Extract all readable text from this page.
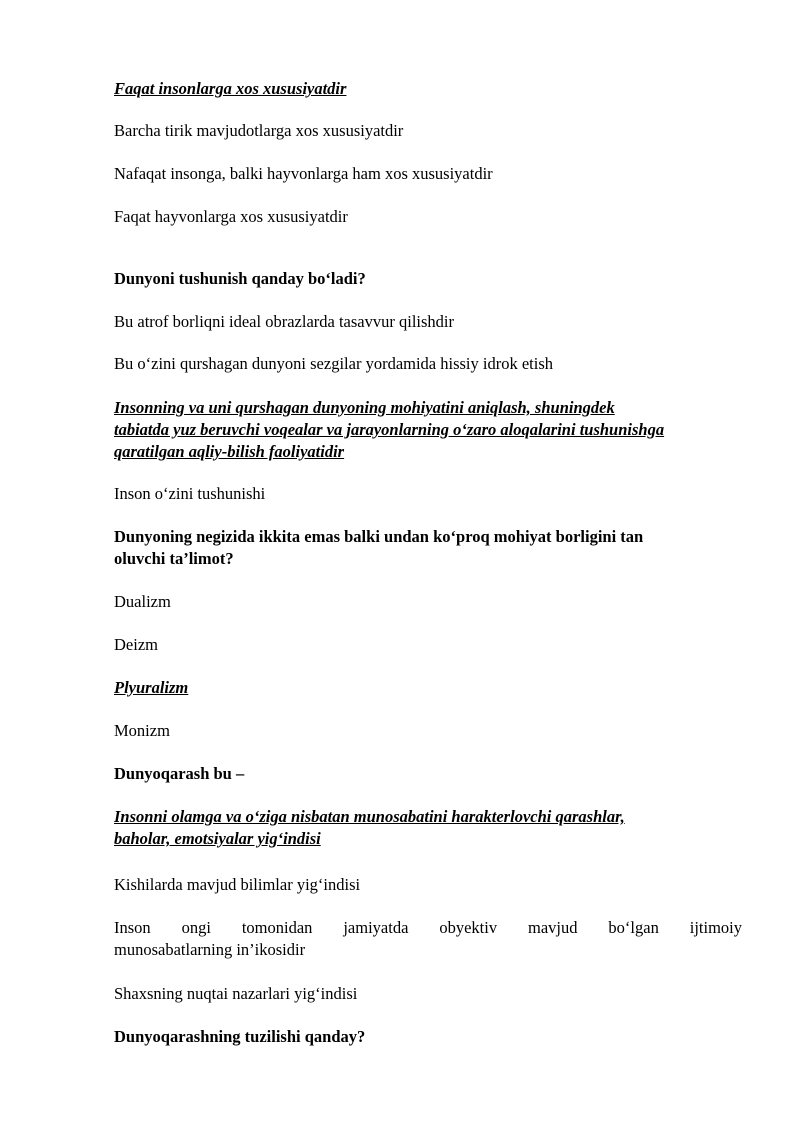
Faqat insonlarga xos xususiyatdir

Barcha tirik mavjudotlarga xos xususiyatdir

Nafaqat insonga, balki hayvonlarga ham xos xususiyatdir

Faqat hayvonlarga xos xususiyatdir

Dunyoni tushunish qanday bo‘ladi?

Bu atrof borliqni ideal obrazlarda tasavvur qilishdir

Bu o‘zini qurshagan dunyoni sezgilar yordamida hissiy idrok etish

Insonning va uni qurshagan dunyoning mohiyatini aniqlash, shuningdek
tabiatda yuz beruvchi voqealar va jarayonlarning o‘zaro aloqalarini tushunishga
qaratilgan aqliy-bilish faoliyatidir

Inson o‘zini tushunishi

Dunyoning negizida ikkita emas balki undan ko‘proq mohiyat borligini tan
oluvchi ta’limot?

Dualizm

Deizm

Plyuralizm

Monizm

Dunyoqarash bu –

Insonni olamga va o‘ziga nisbatan munosabatini harakterlovchi qarashlar,
baholar, emotsiyalar yig‘indisi

Kishilarda mavjud bilimlar yig‘indisi

Inson ongi tomonidan jamiyatda obyektiv mavjud bo‘lgan ijtimoiy
munosabatlarning in’ikosidir

Shaxsning nuqtai nazarlari yig‘indisi

Dunyoqarashning tuzilishi qanday?
